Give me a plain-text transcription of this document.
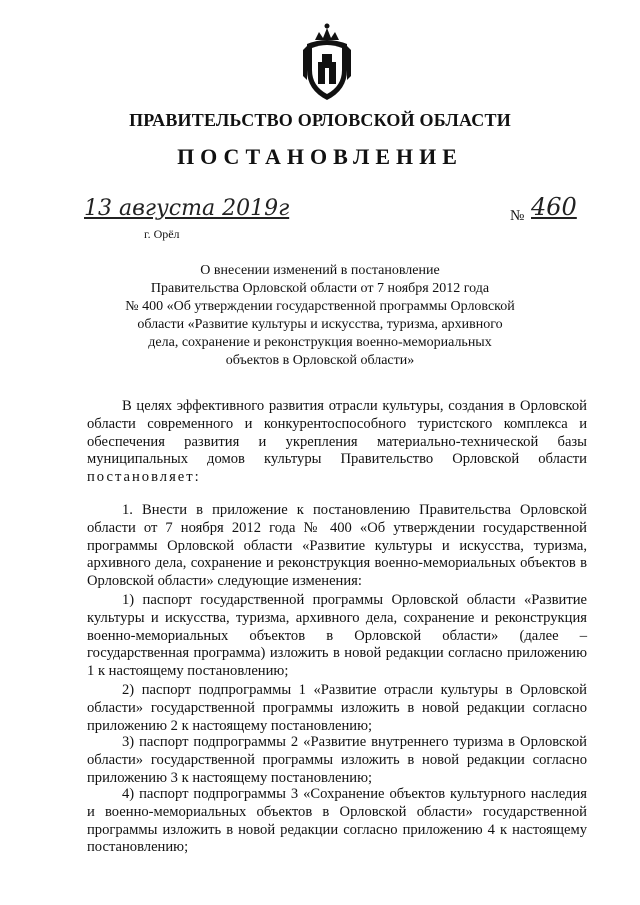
ПРАВИТЕЛЬСТВО ОРЛОВСКОЙ ОБЛАСТИ
ПОСТАНОВЛЕНИЕ
13 августа 2019г	№ 460
г. Орёл
О внесении изменений в постановление
Правительства Орловской области от 7 ноября 2012 года
№ 400 «Об утверждении государственной программы Орловской
области «Развитие культуры и искусства, туризма, архивного
дела, сохранение и реконструкция военно-мемориальных
объектов в Орловской области»

В целях эффективного развития отрасли культуры, создания в Орловской области современного и конкурентоспособного туристского комплекса и обеспечения развития и укрепления материально-технической базы муниципальных домов культуры Правительство Орловской области постановляет:

1. Внести в приложение к постановлению Правительства Орловской области от 7 ноября 2012 года № 400 «Об утверждении государственной программы Орловской области «Развитие культуры и искусства, туризма, архивного дела, сохранение и реконструкция военно-мемориальных объектов в Орловской области» следующие изменения:

1) паспорт государственной программы Орловской области «Развитие культуры и искусства, туризма, архивного дела, сохранение и реконструкция военно-мемориальных объектов в Орловской области» (далее – государственная программа) изложить в новой редакции согласно приложению 1 к настоящему постановлению;

2) паспорт подпрограммы 1 «Развитие отрасли культуры в Орловской области» государственной программы изложить в новой редакции согласно приложению 2 к настоящему постановлению;

3) паспорт подпрограммы 2 «Развитие внутреннего туризма в Орловской области» государственной программы изложить в новой редакции согласно приложению 3 к настоящему постановлению;

4) паспорт подпрограммы 3 «Сохранение объектов культурного наследия и военно-мемориальных объектов в Орловской области» государственной программы изложить в новой редакции согласно приложению 4 к настоящему постановлению;
